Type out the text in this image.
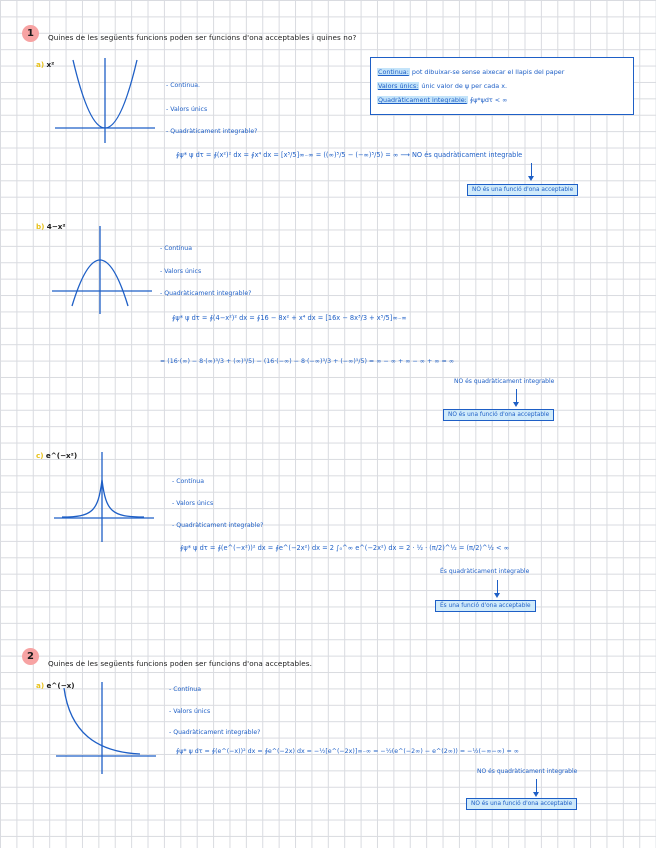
1	Quines de les següents funcions poden ser funcions d'ona acceptables i quines no?
Continua: pot dibuixar-se sense aixecar el llapis del paper
Valors únics: únic valor de ψ per cada x.
Quadràticament integrable: ∮ψ*ψdτ < ∞
a) x²
- Continua.
- Valors únics
- Quadràticament integrable?
∮ψ* ψ dτ = ∮(x²)² dx = ∮x⁴ dx = [x⁵/5]∞₋∞ = ((∞)⁵/5 − (−∞)⁵/5) = ∞ ⟶ NO és quadràticament integrable
NO és una funció d'ona acceptable
b) 4−x²
- Contínua
- Valors únics
- Quadràticament integrable?
∮ψ* ψ dτ = ∮(4−x²)² dx = ∮16 − 8x² + x⁴ dx = [16x − 8x³/3 + x⁵/5]∞₋∞
= (16·(∞) − 8·(∞)³/3 + (∞)⁵/5) − (16·(−∞) − 8·(−∞)³/3 + (−∞)⁵/5) = ∞ − ∞ + ∞ − ∞ + ∞ = ∞
NO és quadràticament integrable
NO és una funció d'ona acceptable
c) e^(−x²)
- Contínua
- Valors únics
- Quadràticament integrable?
∮ψ* ψ dτ = ∮(e^(−x²))² dx = ∮e^(−2x²) dx = 2 ∫₀^∞ e^(−2x²) dx = 2 · ½ · (π/2)^½ = (π/2)^½ < ∞
És quadràticament integrable
És una funció d'ona acceptable
2
Quines de les següents funcions poden ser funcions d'ona acceptables.
a) e^(−x)	- Contínua
- Valors únics
- Quadràticament integrable?
∮ψ* ψ dτ = ∮(e^(−x))² dx = ∮e^(−2x) dx = −½[e^(−2x)]∞₋∞ = −½(e^(−2∞) − e^(2∞)) = −½(−∞−∞) = ∞
NO és quadràticament integrable
NO és una funció d'ona acceptable
